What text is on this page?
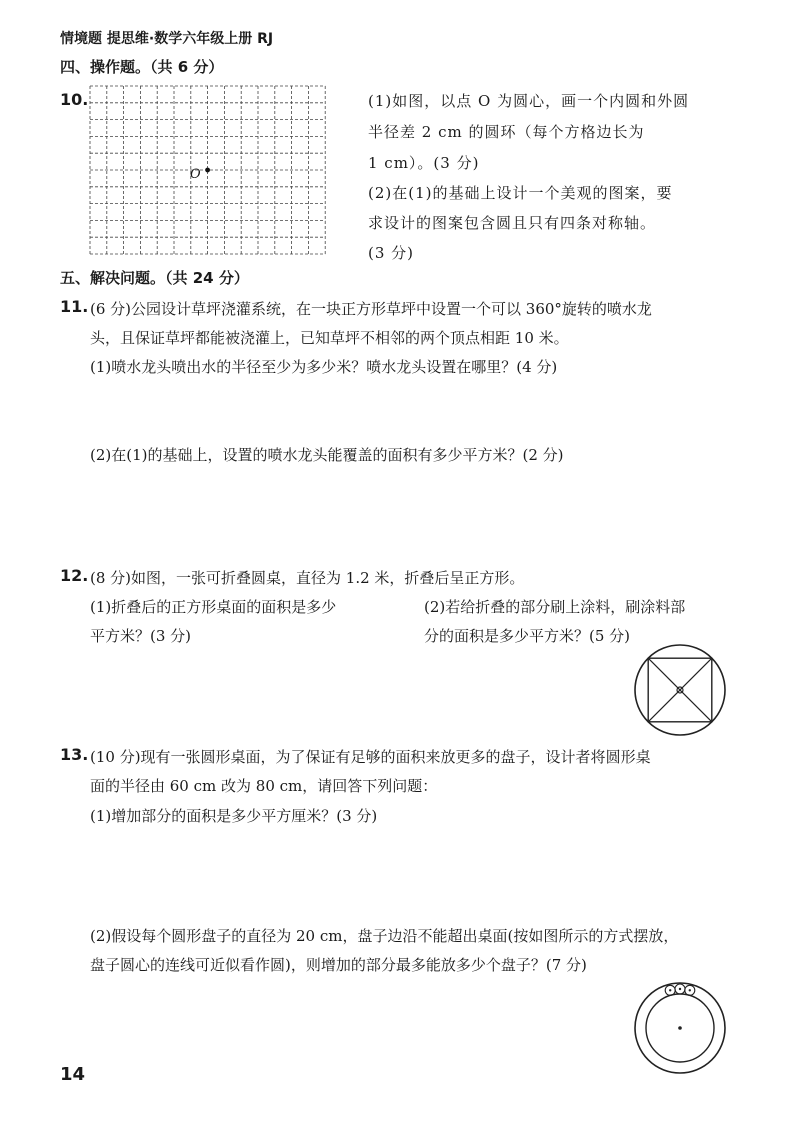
情境题 提思维·数学六年级上册 RJ
四、操作题。（共 6 分）
10.
O
(1)如图，以点 O 为圆心，画一个内圆和外圆
半径差 2 cm 的圆环（每个方格边长为
1 cm）。(3 分)
(2)在(1)的基础上设计一个美观的图案，要
求设计的图案包含圆且只有四条对称轴。
(3 分)
五、解决问题。（共 24 分）
11. (6 分)公园设计草坪浇灌系统，在一块正方形草坪中设置一个可以 360°旋转的喷水龙
头，且保证草坪都能被浇灌上，已知草坪不相邻的两个顶点相距 10 米。
(1)喷水龙头喷出水的半径至少为多少米？喷水龙头设置在哪里？(4 分)
(2)在(1)的基础上，设置的喷水龙头能覆盖的面积有多少平方米？(2 分)
12. (8 分)如图，一张可折叠圆桌，直径为 1.2 米，折叠后呈正方形。
(1)折叠后的正方形桌面的面积是多少
平方米？(3 分)
(2)若给折叠的部分刷上涂料，刷涂料部
分的面积是多少平方米？(5 分)
13. (10 分)现有一张圆形桌面，为了保证有足够的面积来放更多的盘子，设计者将圆形桌
面的半径由 60 cm 改为 80 cm，请回答下列问题：
(1)增加部分的面积是多少平方厘米？(3 分)
(2)假设每个圆形盘子的直径为 20 cm，盘子边沿不能超出桌面(按如图所示的方式摆放，
盘子圆心的连线可近似看作圆)，则增加的部分最多能放多少个盘子？(7 分)
14
